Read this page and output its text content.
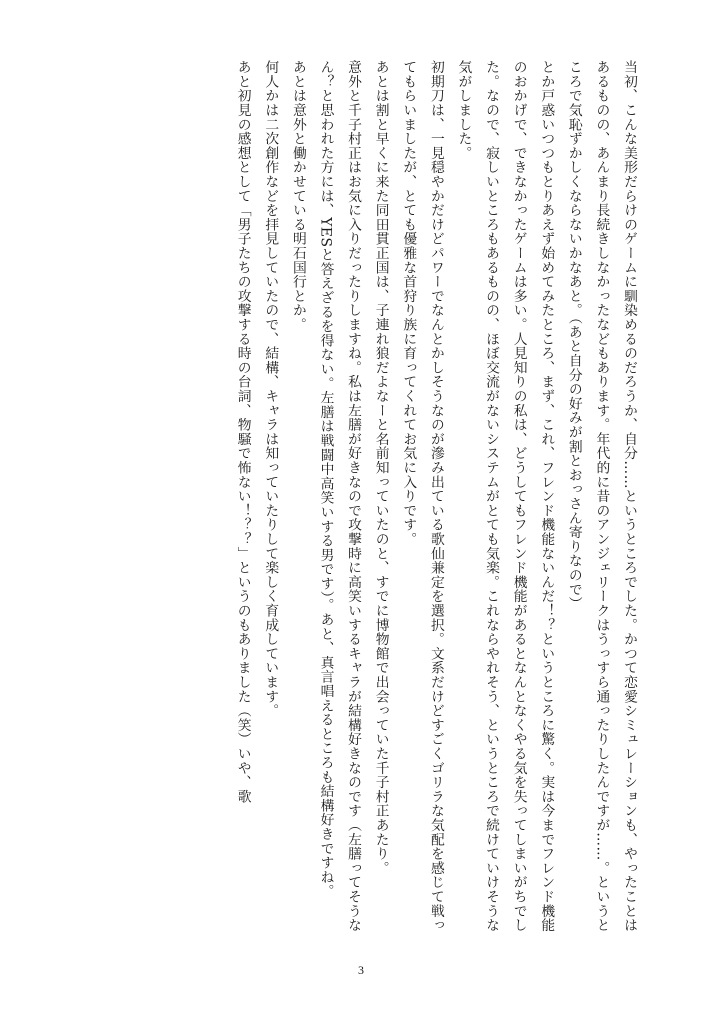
当初、こんな美形だらけのゲームに馴染めるのだろうか、自分……というところでした。かつて恋愛シミュレーションも、やったことはあるものの、あんまり長続きしなかったなどもあります。年代的に昔のアンジェリークはうっすら通ったりしたんですが……。というところで気恥ずかしくならないかなあと。（あと自分の好みが割とおっさん寄りなので）

とか戸惑いつつもとりあえず始めてみたところ、まず、これ、フレンド機能ないんだ！？というところに驚く。実は今までフレンド機能のおかげで、できなかったゲームは多い。人見知りの私は、どうしてもフレンド機能があるとなんとなくやる気を失ってしまいがちでした。なので、寂しいところもあるものの、ほぼ交流がないシステムがとても気楽。これならやれそう、というところで続けていけそうな気がしました。

初期刀は、一見穏やかだけどパワーでなんとかしそうなのが滲み出ている歌仙兼定を選択。文系だけどすごくゴリラな気配を感じて戦ってもらいましたが、とても優雅な首狩り族に育ってくれてお気に入りです。

あとは割と早くに来た同田貫正国は、子連れ狼だよなーと名前知っていたのと、すでに博物館で出会っていた千子村正あたり。

意外と千子村正はお気に入りだったりしますね。私は左膳が好きなので攻撃時に高笑いするキャラが結構好きなのです（左膳ってそうなん？と思われた方には、YESと答えざるを得ない。左膳は戦闘中高笑いする男です）。あと、真言唱えるところも結構好きですね。

あとは意外と働かせている明石国行とか。

何人かは二次創作などを拝見していたので、結構、キャラは知っていたりして楽しく育成しています。

あと初見の感想として「男子たちの攻撃する時の台詞、物騒で怖ない！？？」というのもありました（笑）いや、歌

3
